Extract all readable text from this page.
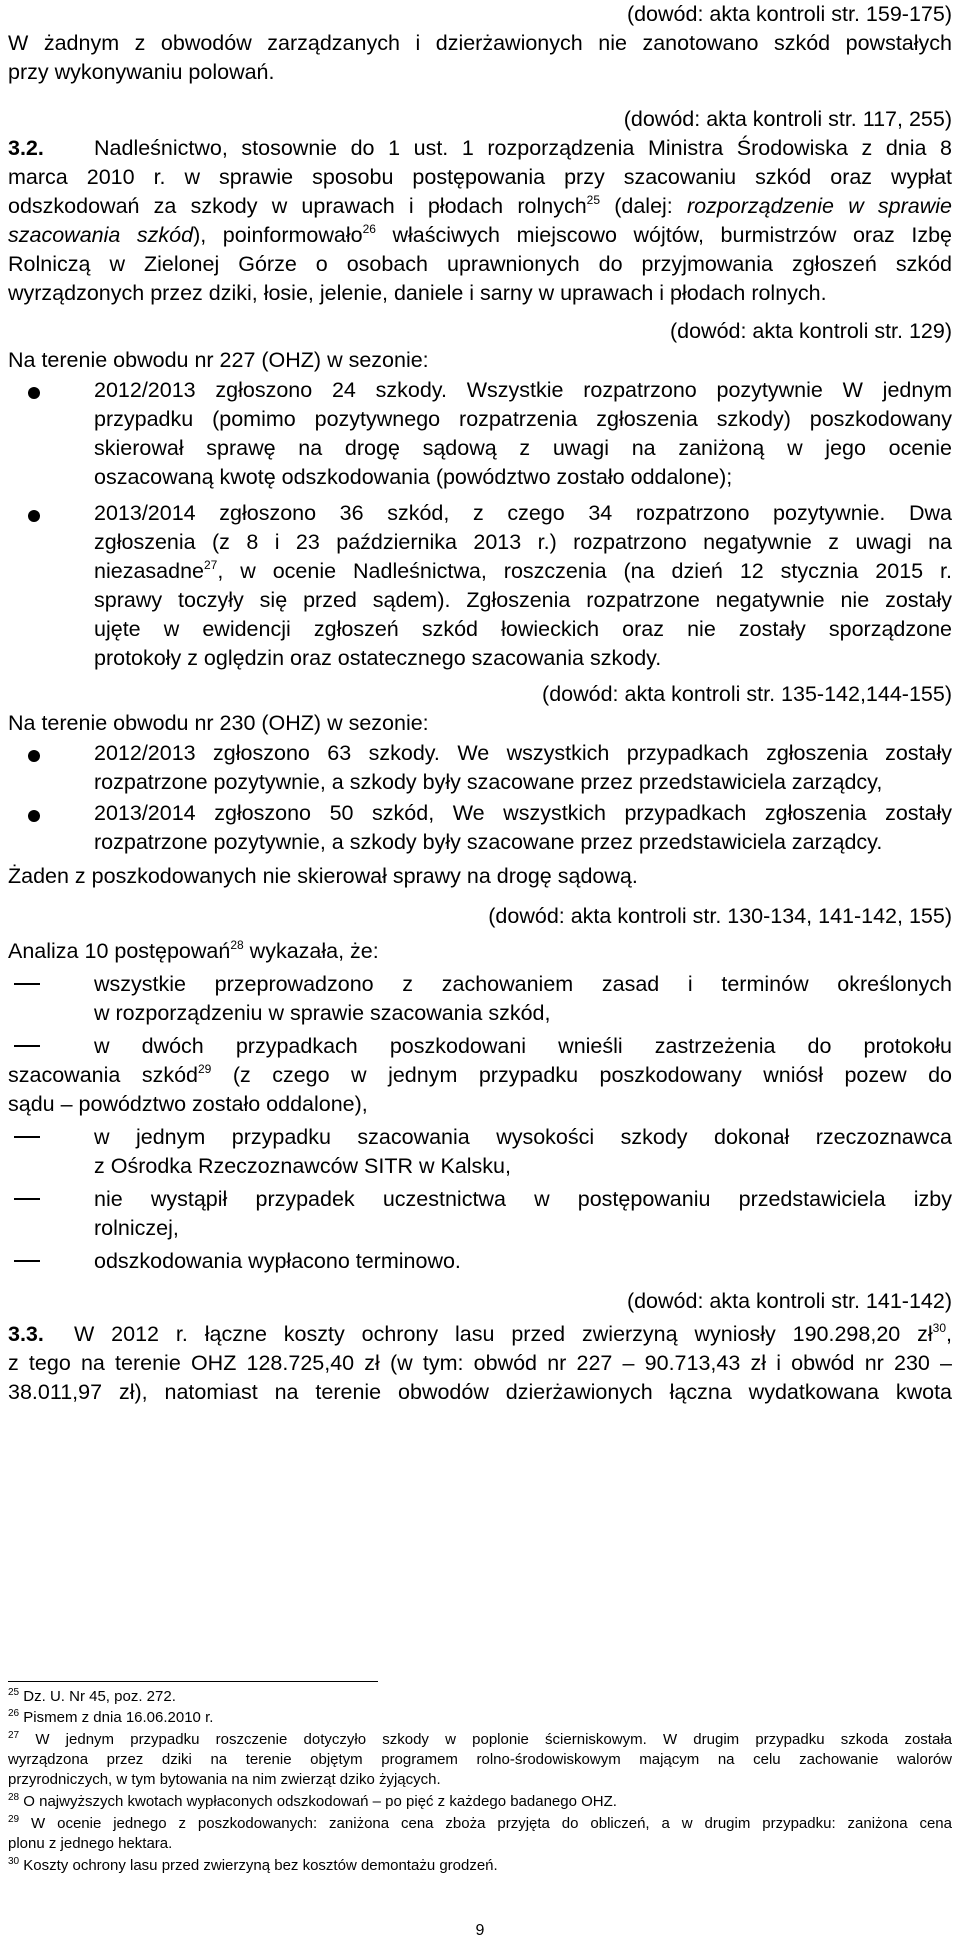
(dowód: akta kontroli str. 159-175)
W żadnym z obwodów zarządzanych i dzierżawionych nie zanotowano szkód powstałych
przy wykonywaniu polowań.
(dowód: akta kontroli str. 117, 255)
3.2. Nadleśnictwo, stosownie do 1 ust. 1 rozporządzenia Ministra Środowiska z dnia 8
marca 2010 r. w sprawie sposobu postępowania przy szacowaniu szkód oraz wypłat
odszkodowań za szkody w uprawach i płodach rolnych$^{25}$ (dalej: rozporządzenie w sprawie
szacowania szkód), poinformowało$^{26}$ właściwych miejscowo wójtów, burmistrzów oraz Izbę
Rolniczą w Zielonej Górze o osobach uprawnionych do przyjmowania zgłoszeń szkód
wyrządzonych przez dziki, łosie, jelenie, daniele i sarny w uprawach i płodach rolnych.
(dowód: akta kontroli str. 129)
Na terenie obwodu nr 227 (OHZ) w sezonie:
2012/2013 zgłoszono 24 szkody. Wszystkie rozpatrzono pozytywnie W jednym
przypadku (pomimo pozytywnego rozpatrzenia zgłoszenia szkody) poszkodowany
skierował sprawę na drogę sądową z uwagi na zaniżoną w jego ocenie
oszacowaną kwotę odszkodowania (powództwo zostało oddalone);
2013/2014 zgłoszono 36 szkód, z czego 34 rozpatrzono pozytywnie. Dwa
zgłoszenia (z 8 i 23 października 2013 r.) rozpatrzono negatywnie z uwagi na
niezasadne$^{27}$, w ocenie Nadleśnictwa, roszczenia (na dzień 12 stycznia 2015 r.
sprawy toczyły się przed sądem). Zgłoszenia rozpatrzone negatywnie nie zostały
ujęte w ewidencji zgłoszeń szkód łowieckich oraz nie zostały sporządzone
protokoły z oględzin oraz ostatecznego szacowania szkody.
(dowód: akta kontroli str. 135-142,144-155)
Na terenie obwodu nr 230 (OHZ) w sezonie:
2012/2013 zgłoszono 63 szkody. We wszystkich przypadkach zgłoszenia zostały
rozpatrzone pozytywnie, a szkody były szacowane przez przedstawiciela zarządcy,
2013/2014 zgłoszono 50 szkód, We wszystkich przypadkach zgłoszenia zostały
rozpatrzone pozytywnie, a szkody były szacowane przez przedstawiciela zarządcy.
Żaden z poszkodowanych nie skierował sprawy na drogę sądową.
(dowód: akta kontroli str. 130-134, 141-142, 155)
Analiza 10 postępowań$^{28}$ wykazała, że:
wszystkie przeprowadzono z zachowaniem zasad i terminów określonych
w rozporządzeniu w sprawie szacowania szkód,
w dwóch przypadkach poszkodowani wnieśli zastrzeżenia do protokołu
szacowania szkód$^{29}$ (z czego w jednym przypadku poszkodowany wniósł pozew do
sądu – powództwo zostało oddalone),
w jednym przypadku szacowania wysokości szkody dokonał rzeczoznawca
z Ośrodka Rzeczoznawców SITR w Kalsku,
nie wystąpił przypadek uczestnictwa w postępowaniu przedstawiciela izby
rolniczej,
odszkodowania wypłacono terminowo.
(dowód: akta kontroli str. 141-142)
3.3. W 2012 r. łączne koszty ochrony lasu przed zwierzyną wyniosły 190.298,20 $zł^{30}$,
z tego na terenie OHZ 128.725,40 zł (w tym: obwód nr 227 – 90.713,43 zł i obwód nr 230 –
38.011,97 zł), natomiast na terenie obwodów dzierżawionych łączna wydatkowana kwota
$^{25}$ Dz. U. Nr 45, poz. 272.
$^{26}$ Pismem z dnia 16.06.2010 r.
$^{27}$ W jednym przypadku roszczenie dotyczyło szkody w poplonie ścierniskowym. W drugim przypadku szkoda została
wyrządzona przez dziki na terenie objętym programem rolno-środowiskowym mającym na celu zachowanie walorów
przyrodniczych, w tym bytowania na nim zwierząt dziko żyjących.
$^{28}$ O najwyższych kwotach wypłaconych odszkodowań – po pięć z każdego badanego OHZ.
$^{29}$ W ocenie jednego z poszkodowanych: zaniżona cena zboża przyjęta do obliczeń, a w drugim przypadku: zaniżona cena
plonu z jednego hektara.
$^{30}$ Koszty ochrony lasu przed zwierzyną bez kosztów demontażu grodzeń.
9
